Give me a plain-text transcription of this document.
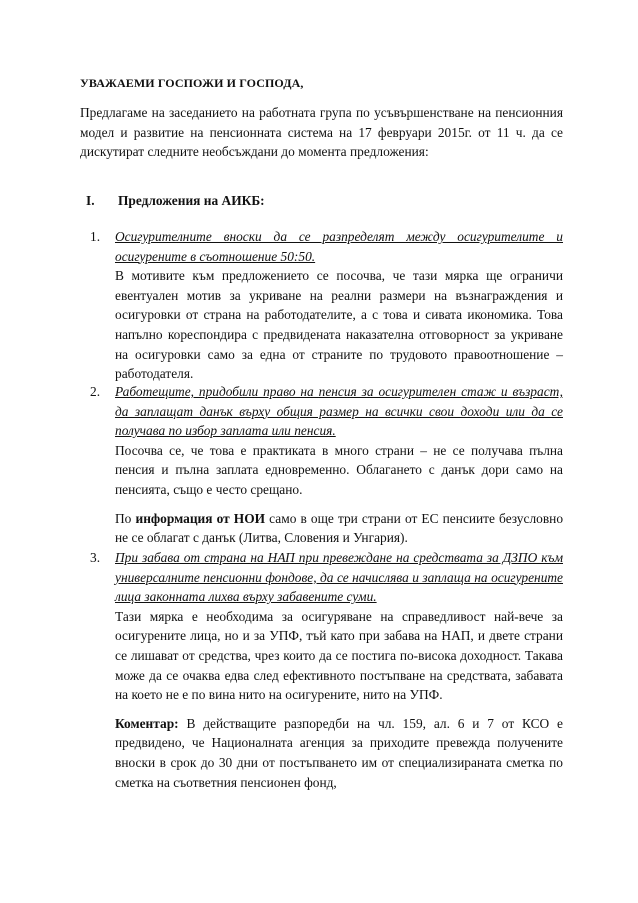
УВАЖАЕМИ ГОСПОЖИ И ГОСПОДА,

Предлагаме на заседанието на работната група по усъвършенстване на пенсионния модел и развитие на пенсионната система на 17 февруари 2015г. от 11 ч. да се дискутират следните необсъждани до момента предложения:

I. Предложения на АИКБ:
1. Осигурителните вноски да се разпределят между осигурителите и осигурените в съотношение 50:50.

В мотивите към предложението се посочва, че тази мярка ще ограничи евентуален мотив за укриване на реални размери на възнаграждения и осигуровки от страна на работодателите, а с това и сивата икономика. Това напълно кореспондира с предвидената наказателна отговорност за укриване на осигуровки само за една от страните по трудовото правоотношение – работодателя.

2. Работещите, придобили право на пенсия за осигурителен стаж и възраст, да заплащат данък върху общия размер на всички свои доходи или да се получава по избор заплата или пенсия.

Посочва се, че това е практиката в много страни – не се получава пълна пенсия и пълна заплата едновременно. Облагането с данък дори само на пенсията, също е често срещано.

По информация от НОИ само в още три страни от ЕС пенсиите безусловно не се облагат с данък (Литва, Словения и Унгария).

3. При забава от страна на НАП при превеждане на средствата за ДЗПО към универсалните пенсионни фондове, да се начислява и заплаща на осигурените лица законната лихва върху забавените суми.

Тази мярка е необходима за осигуряване на справедливост най-вече за осигурените лица, но и за УПФ, тъй като при забава на НАП, и двете страни се лишават от средства, чрез които да се постига по-висока доходност. Такава може да се очаква едва след ефективното постъпване на средствата, забавата на което не е по вина нито на осигурените, нито на УПФ.

Коментар: В действащите разпоредби на чл. 159, ал. 6 и 7 от КСО е предвидено, че Националната агенция за приходите превежда получените вноски в срок до 30 дни от постъпването им от специализираната сметка по сметка на съответния пенсионен фонд,
